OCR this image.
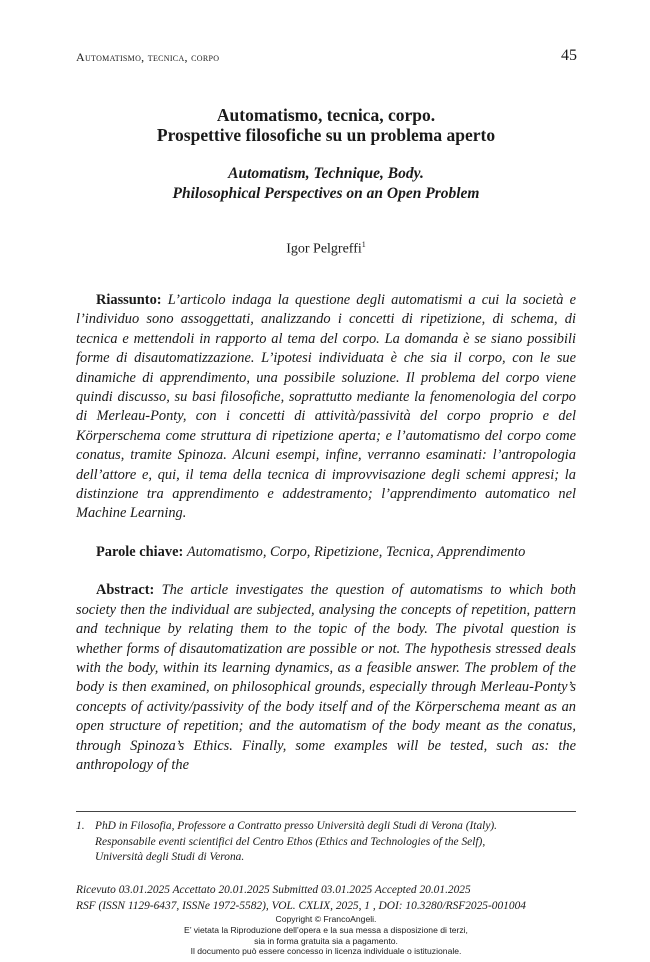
Automatismo, tecnica, corpo	45
Automatismo, tecnica, corpo.
Prospettive filosofiche su un problema aperto
Automatism, Technique, Body.
Philosophical Perspectives on an Open Problem
Igor Pelgreffi$^1$

Riassunto: L’articolo indaga la questione degli automatismi a cui la società e l’individuo sono assoggettati, analizzando i concetti di ripetizione, di schema, di tecnica e mettendoli in rapporto al tema del corpo. La domanda è se siano possibili forme di disautomatizzazione. L’ipotesi individuata è che sia il corpo, con le sue dinamiche di apprendimento, una possibile soluzione. Il problema del corpo viene quindi discusso, su basi filosofiche, soprattutto mediante la fenomenologia del corpo di Merleau-Ponty, con i concetti di attività/passività del corpo proprio e del Körperschema come struttura di ripetizione aperta; e l’automatismo del corpo come conatus, tramite Spinoza. Alcuni esempi, infine, verranno esaminati: l’antropologia dell’attore e, qui, il tema della tecnica di improvvisazione degli schemi appresi; la distinzione tra apprendimento e addestramento; l’apprendimento automatico nel Machine Learning.

Parole chiave: Automatismo, Corpo, Ripetizione, Tecnica, Apprendimento

Abstract: The article investigates the question of automatisms to which both society then the individual are subjected, analysing the concepts of repetition, pattern and technique by relating them to the topic of the body. The pivotal question is whether forms of disautomatization are possible or not. The hypothesis stressed deals with the body, within its learning dynamics, as a feasible answer. The problem of the body is then examined, on philosophical grounds, especially through Merleau-Ponty’s concepts of activity/passivity of the body itself and of the Körperschema meant as an open structure of repetition; and the automatism of the body meant as the conatus, through Spinoza’s Ethics. Finally, some examples will be tested, such as: the anthropology of the

1. PhD in Filosofia, Professore a Contratto presso Università degli Studi di Verona (Italy).
Responsabile eventi scientifici del Centro Ethos (Ethics and Technologies of the Self),
Università degli Studi di Verona.
Ricevuto 03.01.2025 Accettato 20.01.2025 Submitted 03.01.2025 Accepted 20.01.2025
RSF (ISSN 1129-6437, ISSNe 1972-5582), VOL. CXLIX, 2025, 1 , DOI: 10.3280/RSF2025-001004
Copyright © FrancoAngeli.
E’ vietata la Riproduzione dell’opera e la sua messa a disposizione di terzi,
sia in forma gratuita sia a pagamento.
Il documento può essere concesso in licenza individuale o istituzionale.
